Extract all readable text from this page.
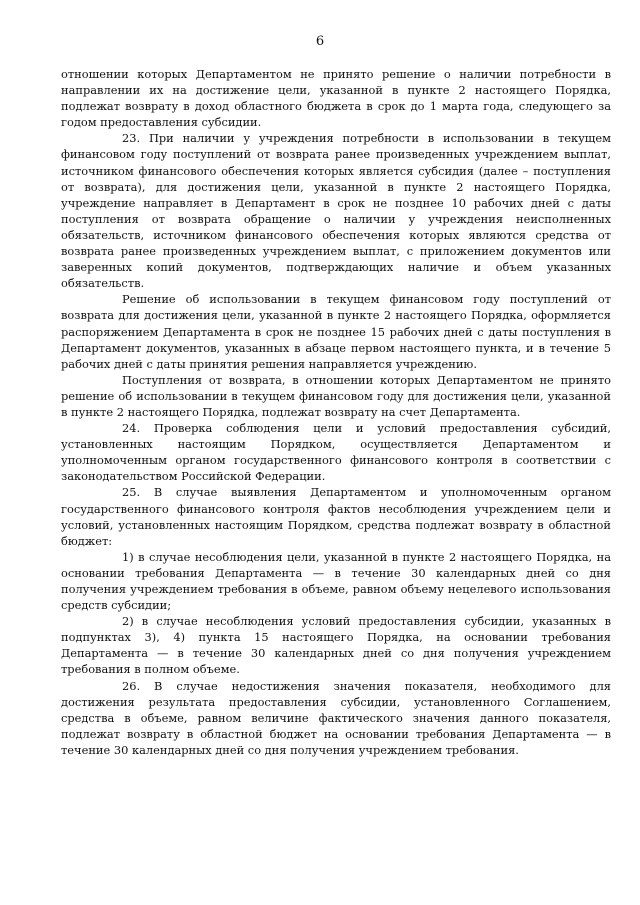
6

отношении которых Департаментом не принято решение о наличии потребности в направлении их на достижение цели, указанной в пункте 2 настоящего Порядка, подлежат возврату в доход областного бюджета в срок до 1 марта года, следующего за годом предоставления субсидии.

23. При наличии у учреждения потребности в использовании в текущем финансовом году поступлений от возврата ранее произведенных учреждением выплат, источником финансового обеспечения которых является субсидия (далее – поступления от возврата), для достижения цели, указанной в пункте 2 настоящего Порядка, учреждение направляет в Департамент в срок не позднее 10 рабочих дней с даты поступления от возврата обращение о наличии у учреждения неисполненных обязательств, источником финансового обеспечения которых являются средства от возврата ранее произведенных учреждением выплат, с приложением документов или заверенных копий документов, подтверждающих наличие и объем указанных обязательств.

Решение об использовании в текущем финансовом году поступлений от возврата для достижения цели, указанной в пункте 2 настоящего Порядка, оформляется распоряжением Департамента в срок не позднее 15 рабочих дней с даты поступления в Департамент документов, указанных в абзаце первом настоящего пункта, и в течение 5 рабочих дней с даты принятия решения направляется учреждению.

Поступления от возврата, в отношении которых Департаментом не принято решение об использовании в текущем финансовом году для достижения цели, указанной в пункте 2 настоящего Порядка, подлежат возврату на счет Департамента.

24. Проверка соблюдения цели и условий предоставления субсидий, установленных настоящим Порядком, осуществляется Департаментом и уполномоченным органом государственного финансового контроля в соответствии с законодательством Российской Федерации.

25. В случае выявления Департаментом и уполномоченным органом государственного финансового контроля фактов несоблюдения учреждением цели и условий, установленных настоящим Порядком, средства подлежат возврату в областной бюджет:

1) в случае несоблюдения цели, указанной в пункте 2 настоящего Порядка, на основании требования Департамента — в течение 30 календарных дней со дня получения учреждением требования в объеме, равном объему нецелевого использования средств субсидии;

2) в случае несоблюдения условий предоставления субсидии, указанных в подпунктах 3), 4) пункта 15 настоящего Порядка, на основании требования Департамента — в течение 30 календарных дней со дня получения учреждением требования в полном объеме.

26. В случае недостижения значения показателя, необходимого для достижения результата предоставления субсидии, установленного Соглашением, средства в объеме, равном величине фактического значения данного показателя, подлежат возврату в областной бюджет на основании требования Департамента — в течение 30 календарных дней со дня получения учреждением требования.
